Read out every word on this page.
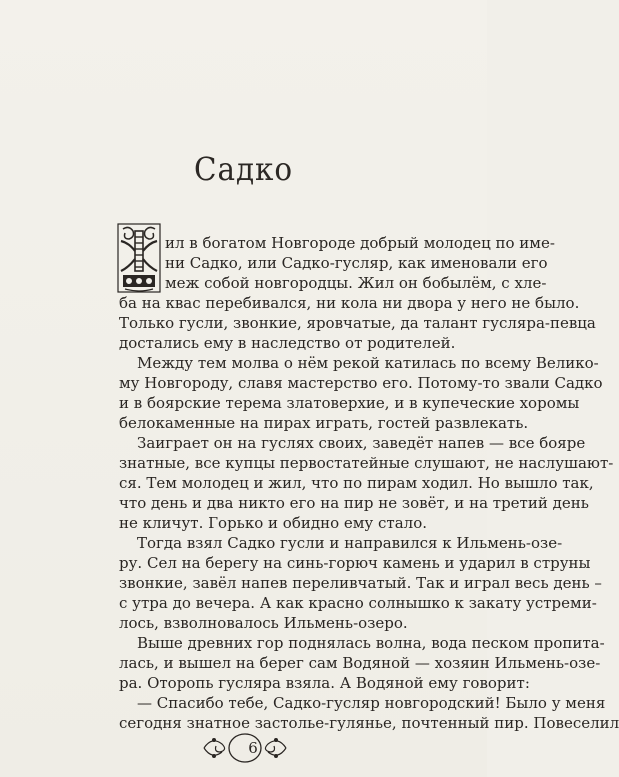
Садко
ил в богатом Новгороде добрый молодец по име-
ни Садко, или Садко-гусляр, как именовали его
меж собой новгородцы. Жил он бобылём, с хле-
ба на квас перебивался, ни кола ни двора у него не было.
Только гусли, звонкие, яровчатые, да талант гусляра-певца
достались ему в наследство от родителей.
Между тем молва о нём рекой катилась по всему Велико-
му Новгороду, славя мастерство его. Потому-то звали Садко
и в боярские терема златоверхие, и в купеческие хоромы
белокаменные на пирах играть, гостей развлекать.
Заиграет он на гуслях своих, заведёт напев — все бояре
знатные, все купцы первостатейные слушают, не наслушают-
ся. Тем молодец и жил, что по пирам ходил. Но вышло так,
что день и два никто его на пир не зовёт, и на третий день
не кличут. Горько и обидно ему стало.
Тогда взял Садко гусли и направился к Ильмень-озе-
ру. Сел на берегу на синь-горюч камень и ударил в струны
звонкие, завёл напев переливчатый. Так и играл весь день –
с утра до вечера. А как красно солнышко к закату устреми-
лось, взволновалось Ильмень-озеро.
Выше древних гор поднялась волна, вода песком пропита-
лась, и вышел на берег сам Водяной — хозяин Ильмень-озе-
ра. Оторопь гусляра взяла. А Водяной ему говорит:
— Спасибо тебе, Садко-гусляр новгородский! Было у меня
сегодня знатное застолье-гулянье, почтенный пир. Повеселил
6
